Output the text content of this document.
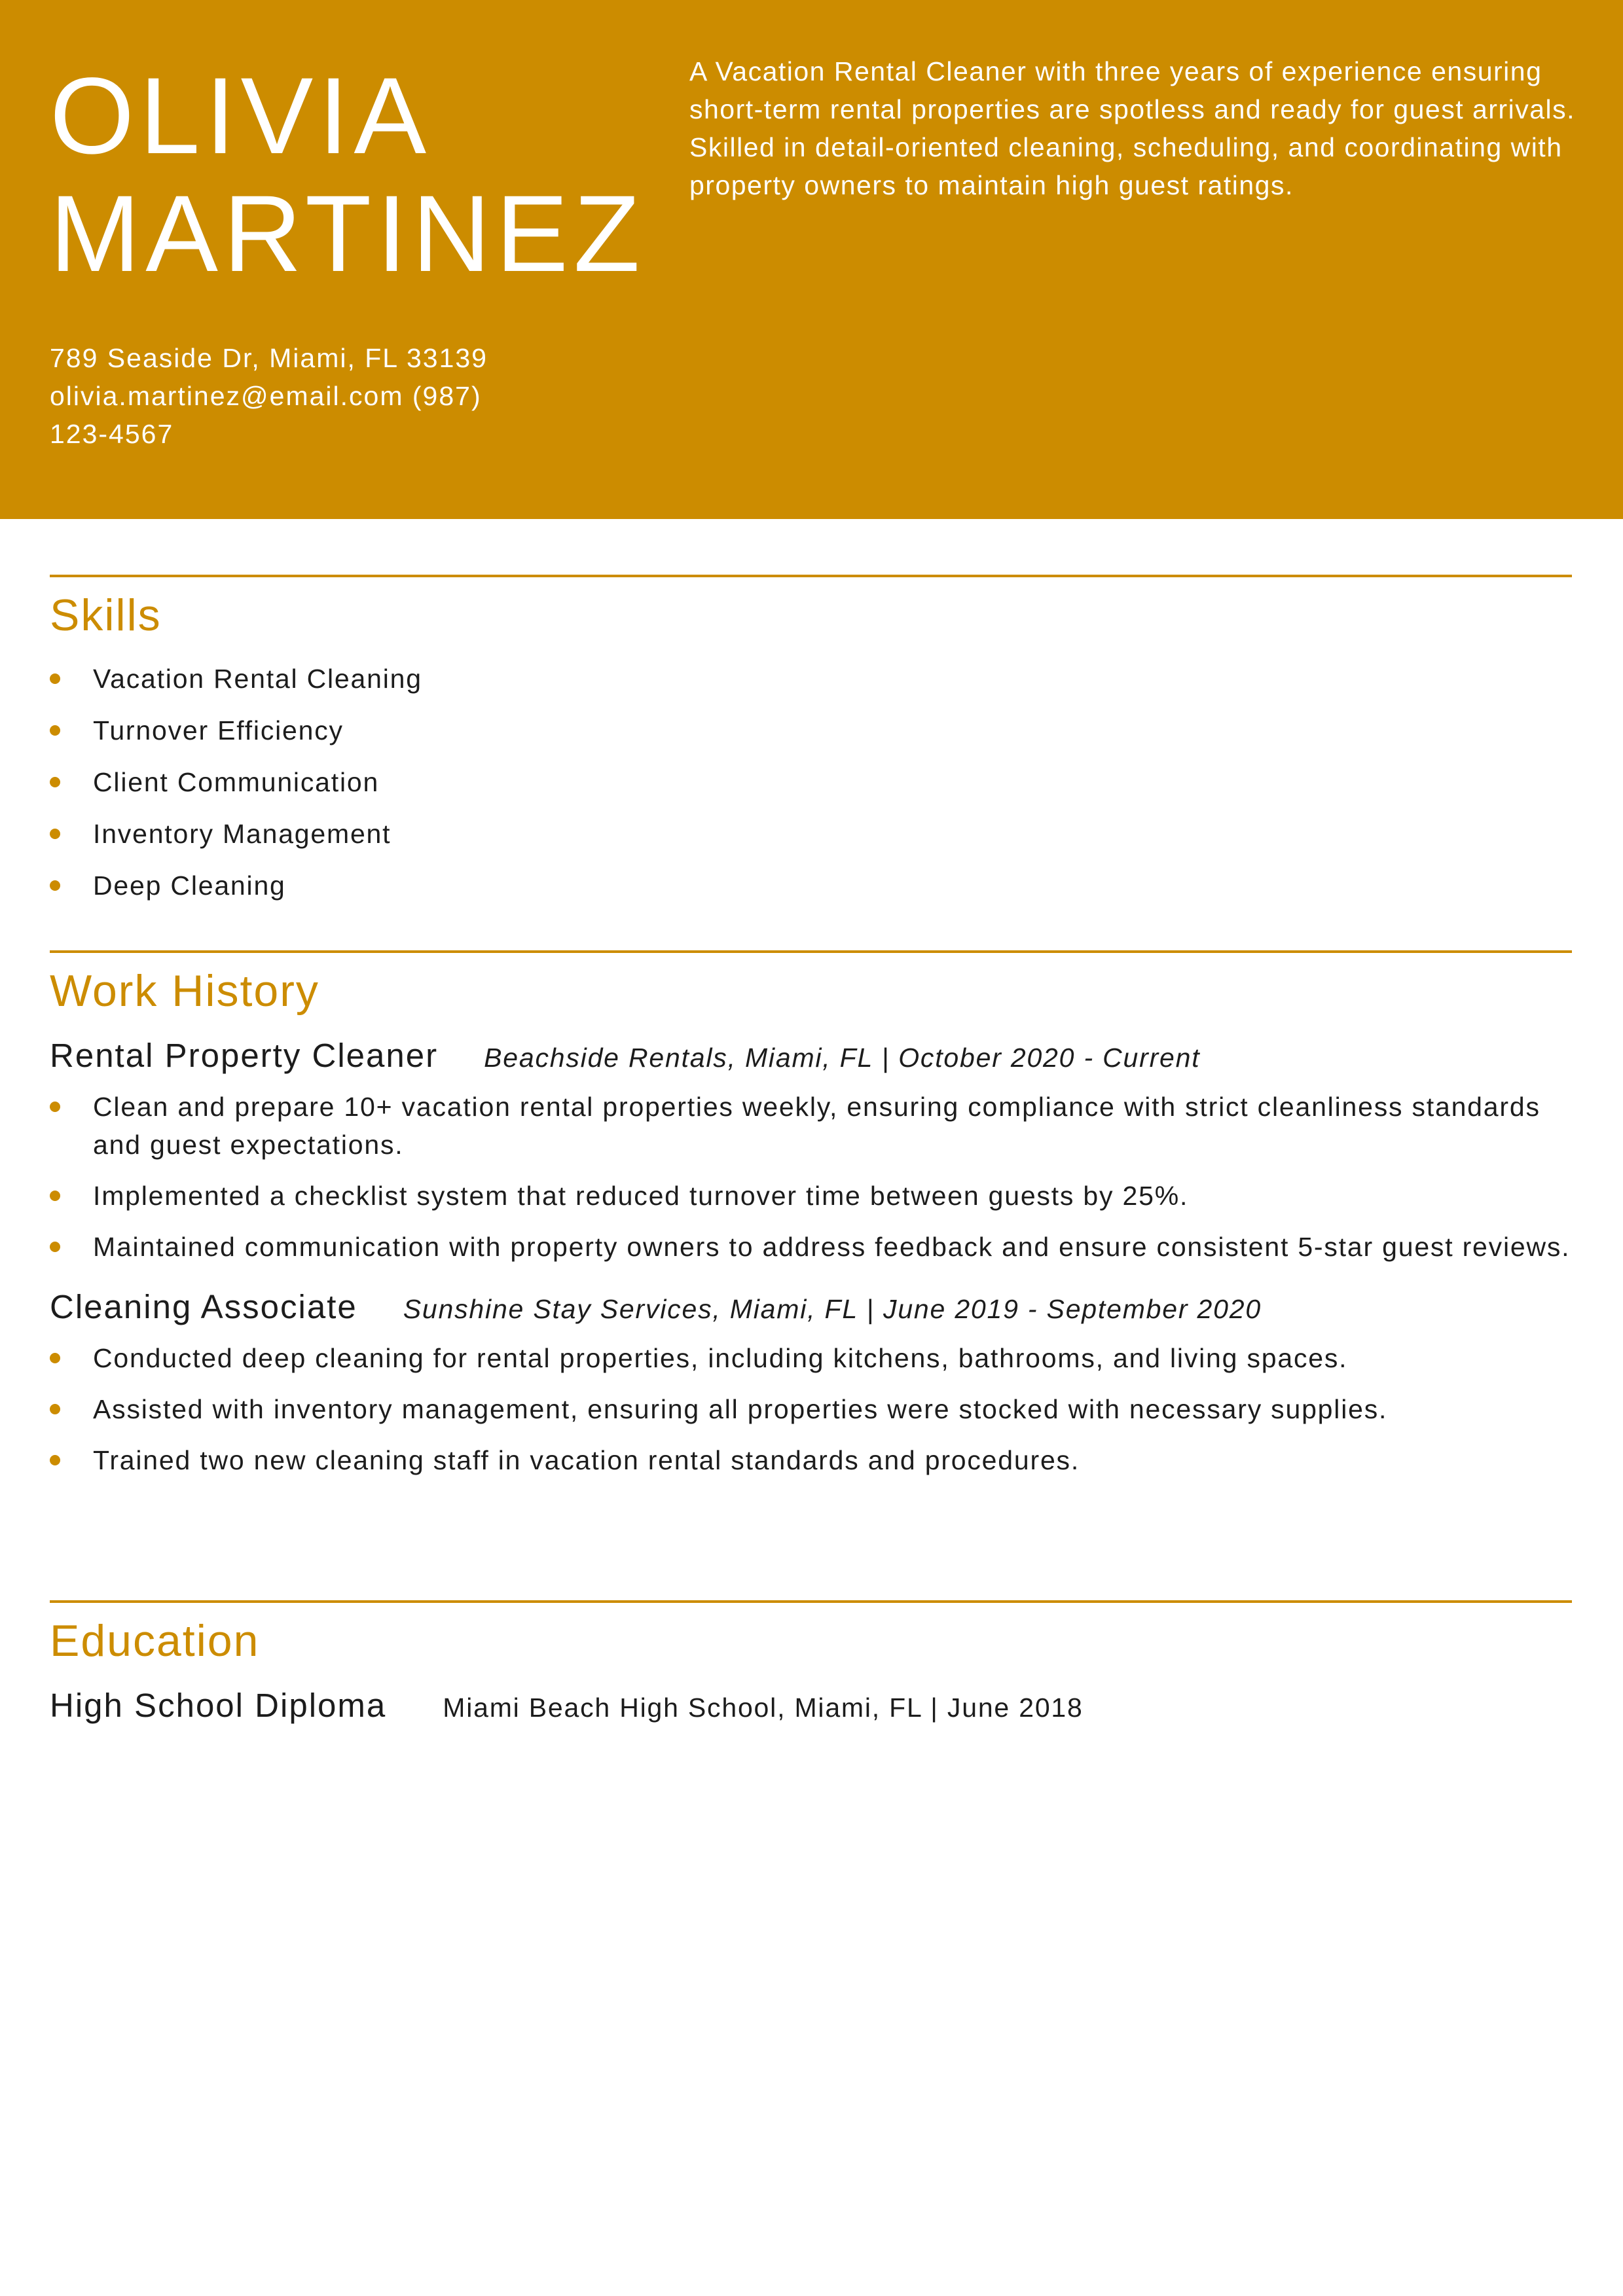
OLIVIA
MARTINEZ
A Vacation Rental Cleaner with three years of experience ensuring short-term rental properties are spotless and ready for guest arrivals. Skilled in detail-oriented cleaning, scheduling, and coordinating with property owners to maintain high guest ratings.
789 Seaside Dr, Miami, FL 33139
olivia.martinez@email.com (987) 123-4567
Skills
Vacation Rental Cleaning
Turnover Efficiency
Client Communication
Inventory Management
Deep Cleaning
Work History
Rental Property Cleaner Beachside Rentals, Miami, FL | October 2020 - Current
Clean and prepare 10+ vacation rental properties weekly, ensuring compliance with strict cleanliness standards and guest expectations.
Implemented a checklist system that reduced turnover time between guests by 25%.
Maintained communication with property owners to address feedback and ensure consistent 5-star guest reviews.
Cleaning Associate Sunshine Stay Services, Miami, FL | June 2019 - September 2020
Conducted deep cleaning for rental properties, including kitchens, bathrooms, and living spaces.
Assisted with inventory management, ensuring all properties were stocked with necessary supplies.
Trained two new cleaning staff in vacation rental standards and procedures.
Education
High School Diploma Miami Beach High School, Miami, FL | June 2018
